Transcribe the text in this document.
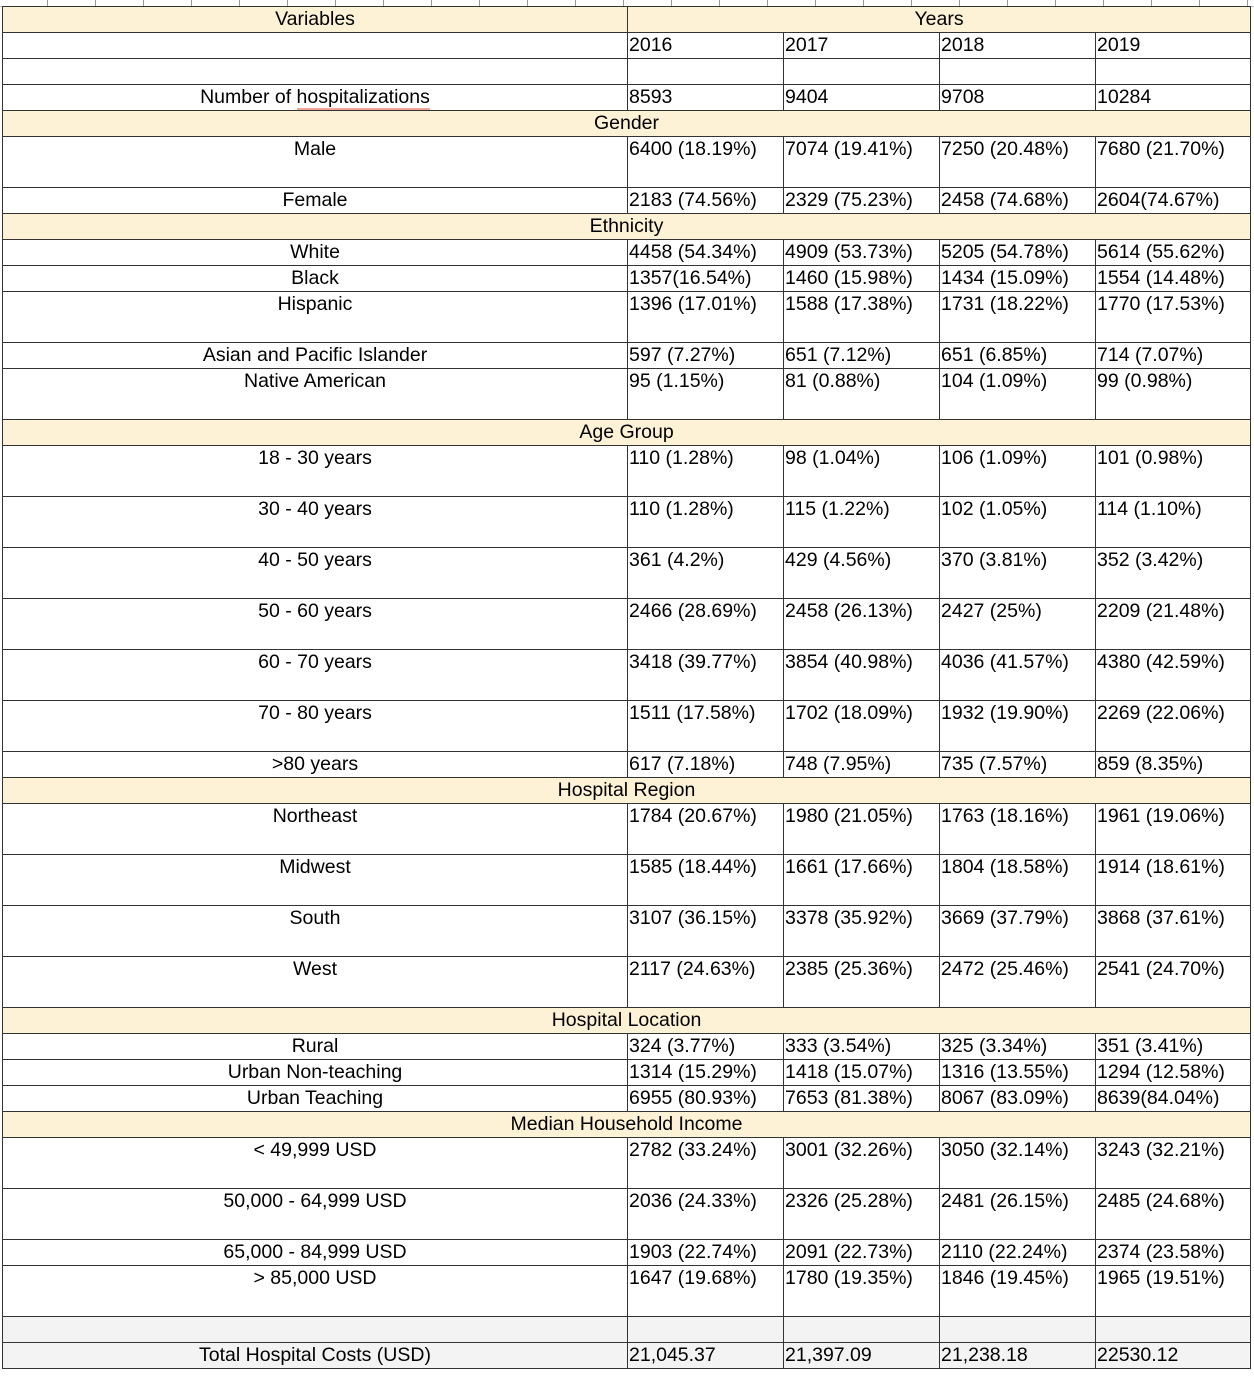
Variables	Years			
	2016	2017	2018	2019

Number of hospitalizations	8593	9404	9708	10284
Gender				
Male	6400 (18.19%)	7074 (19.41%)	7250 (20.48%)	7680 (21.70%)
Female	2183 (74.56%)	2329 (75.23%)	2458 (74.68%)	2604(74.67%)
Ethnicity				
White	4458 (54.34%)	4909 (53.73%)	5205 (54.78%)	5614 (55.62%)
Black	1357(16.54%)	1460 (15.98%)	1434 (15.09%)	1554 (14.48%)
Hispanic	1396 (17.01%)	1588 (17.38%)	1731 (18.22%)	1770 (17.53%)
Asian and Pacific Islander	597 (7.27%)	651 (7.12%)	651 (6.85%)	714 (7.07%)
Native American	95 (1.15%)	81 (0.88%)	104 (1.09%)	99 (0.98%)
Age Group				
18 - 30 years	110 (1.28%)	98 (1.04%)	106 (1.09%)	101 (0.98%)
30 - 40 years	110 (1.28%)	115 (1.22%)	102 (1.05%)	114 (1.10%)
40 - 50 years	361 (4.2%)	429 (4.56%)	370 (3.81%)	352 (3.42%)
50 - 60 years	2466 (28.69%)	2458 (26.13%)	2427 (25%)	2209 (21.48%)
60 - 70 years	3418 (39.77%)	3854 (40.98%)	4036 (41.57%)	4380 (42.59%)
70 - 80 years	1511 (17.58%)	1702 (18.09%)	1932 (19.90%)	2269 (22.06%)
>80 years	617 (7.18%)	748 (7.95%)	735 (7.57%)	859 (8.35%)
Hospital Region				
Northeast	1784 (20.67%)	1980 (21.05%)	1763 (18.16%)	1961 (19.06%)
Midwest	1585 (18.44%)	1661 (17.66%)	1804 (18.58%)	1914 (18.61%)
South	3107 (36.15%)	3378 (35.92%)	3669 (37.79%)	3868 (37.61%)
West	2117 (24.63%)	2385 (25.36%)	2472 (25.46%)	2541 (24.70%)
Hospital Location				
Rural	324 (3.77%)	333 (3.54%)	325 (3.34%)	351 (3.41%)
Urban Non-teaching	1314 (15.29%)	1418 (15.07%)	1316 (13.55%)	1294 (12.58%)
Urban Teaching	6955 (80.93%)	7653 (81.38%)	8067 (83.09%)	8639(84.04%)
Median Household Income				
< 49,999 USD	2782 (33.24%)	3001 (32.26%)	3050 (32.14%)	3243 (32.21%)
50,000 - 64,999 USD	2036 (24.33%)	2326 (25.28%)	2481 (26.15%)	2485 (24.68%)
65,000 - 84,999 USD	1903 (22.74%)	2091 (22.73%)	2110 (22.24%)	2374 (23.58%)
> 85,000 USD	1647 (19.68%)	1780 (19.35%)	1846 (19.45%)	1965 (19.51%)

Total Hospital Costs (USD)	21,045.37	21,397.09	21,238.18	22530.12
